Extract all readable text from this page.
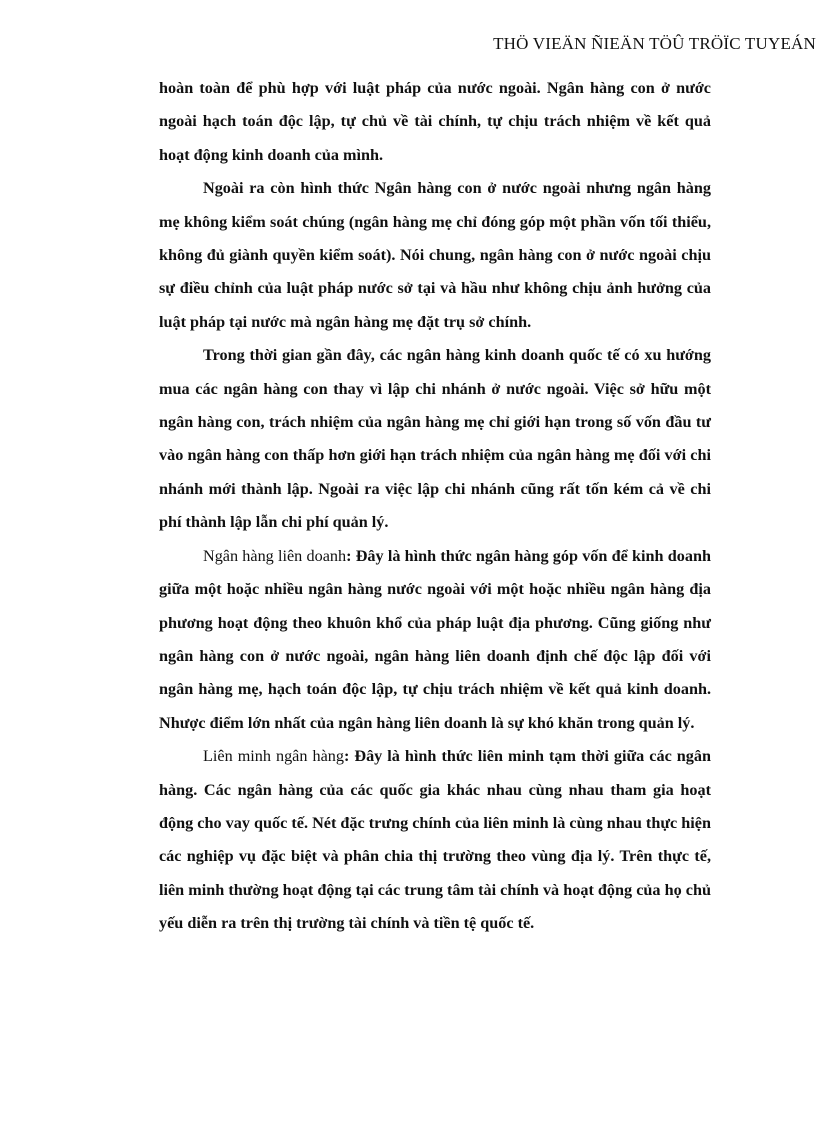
THÖ VIEÄN ÑIEÄN TÖÛ TRÖÏC TUYEÁN

hoàn toàn để phù hợp với luật pháp của nước ngoài. Ngân hàng con ở nước ngoài hạch toán độc lập, tự chủ về tài chính, tự chịu trách nhiệm về kết quả hoạt động kinh doanh của mình.

Ngoài ra còn hình thức Ngân hàng con ở nước ngoài nhưng ngân hàng mẹ không kiểm soát chúng (ngân hàng mẹ chỉ đóng góp một phần vốn tối thiểu, không đủ giành quyền kiểm soát). Nói chung, ngân hàng con ở nước ngoài chịu sự điều chỉnh của luật pháp nước sở tại và hầu như không chịu ảnh hưởng của luật pháp tại nước mà ngân hàng mẹ đặt trụ sở chính.

Trong thời gian gần đây, các ngân hàng kinh doanh quốc tế có xu hướng mua các ngân hàng con thay vì lập chi nhánh ở nước ngoài. Việc sở hữu một ngân hàng con, trách nhiệm của ngân hàng mẹ chỉ giới hạn trong số vốn đầu tư vào ngân hàng con thấp hơn giới hạn trách nhiệm của ngân hàng mẹ đối với chi nhánh mới thành lập. Ngoài ra việc lập chi nhánh cũng rất tốn kém cả về chi phí thành lập lẫn chi phí quản lý.

Ngân hàng liên doanh: Đây là hình thức ngân hàng góp vốn để kinh doanh giữa một hoặc nhiều ngân hàng nước ngoài với một hoặc nhiều ngân hàng địa phương hoạt động theo khuôn khổ của pháp luật địa phương. Cũng giống như ngân hàng con ở nước ngoài, ngân hàng liên doanh định chế độc lập đối với ngân hàng mẹ, hạch toán độc lập, tự chịu trách nhiệm về kết quả kinh doanh. Nhược điểm lớn nhất của ngân hàng liên doanh là sự khó khăn trong quản lý.

Liên minh ngân hàng: Đây là hình thức liên minh tạm thời giữa các ngân hàng. Các ngân hàng của các quốc gia khác nhau cùng nhau tham gia hoạt động cho vay quốc tế. Nét đặc trưng chính của liên minh là cùng nhau thực hiện các nghiệp vụ đặc biệt và phân chia thị trường theo vùng địa lý. Trên thực tế, liên minh thường hoạt động tại các trung tâm tài chính và hoạt động của họ chủ yếu diễn ra trên thị trường tài chính và tiền tệ quốc tế.
